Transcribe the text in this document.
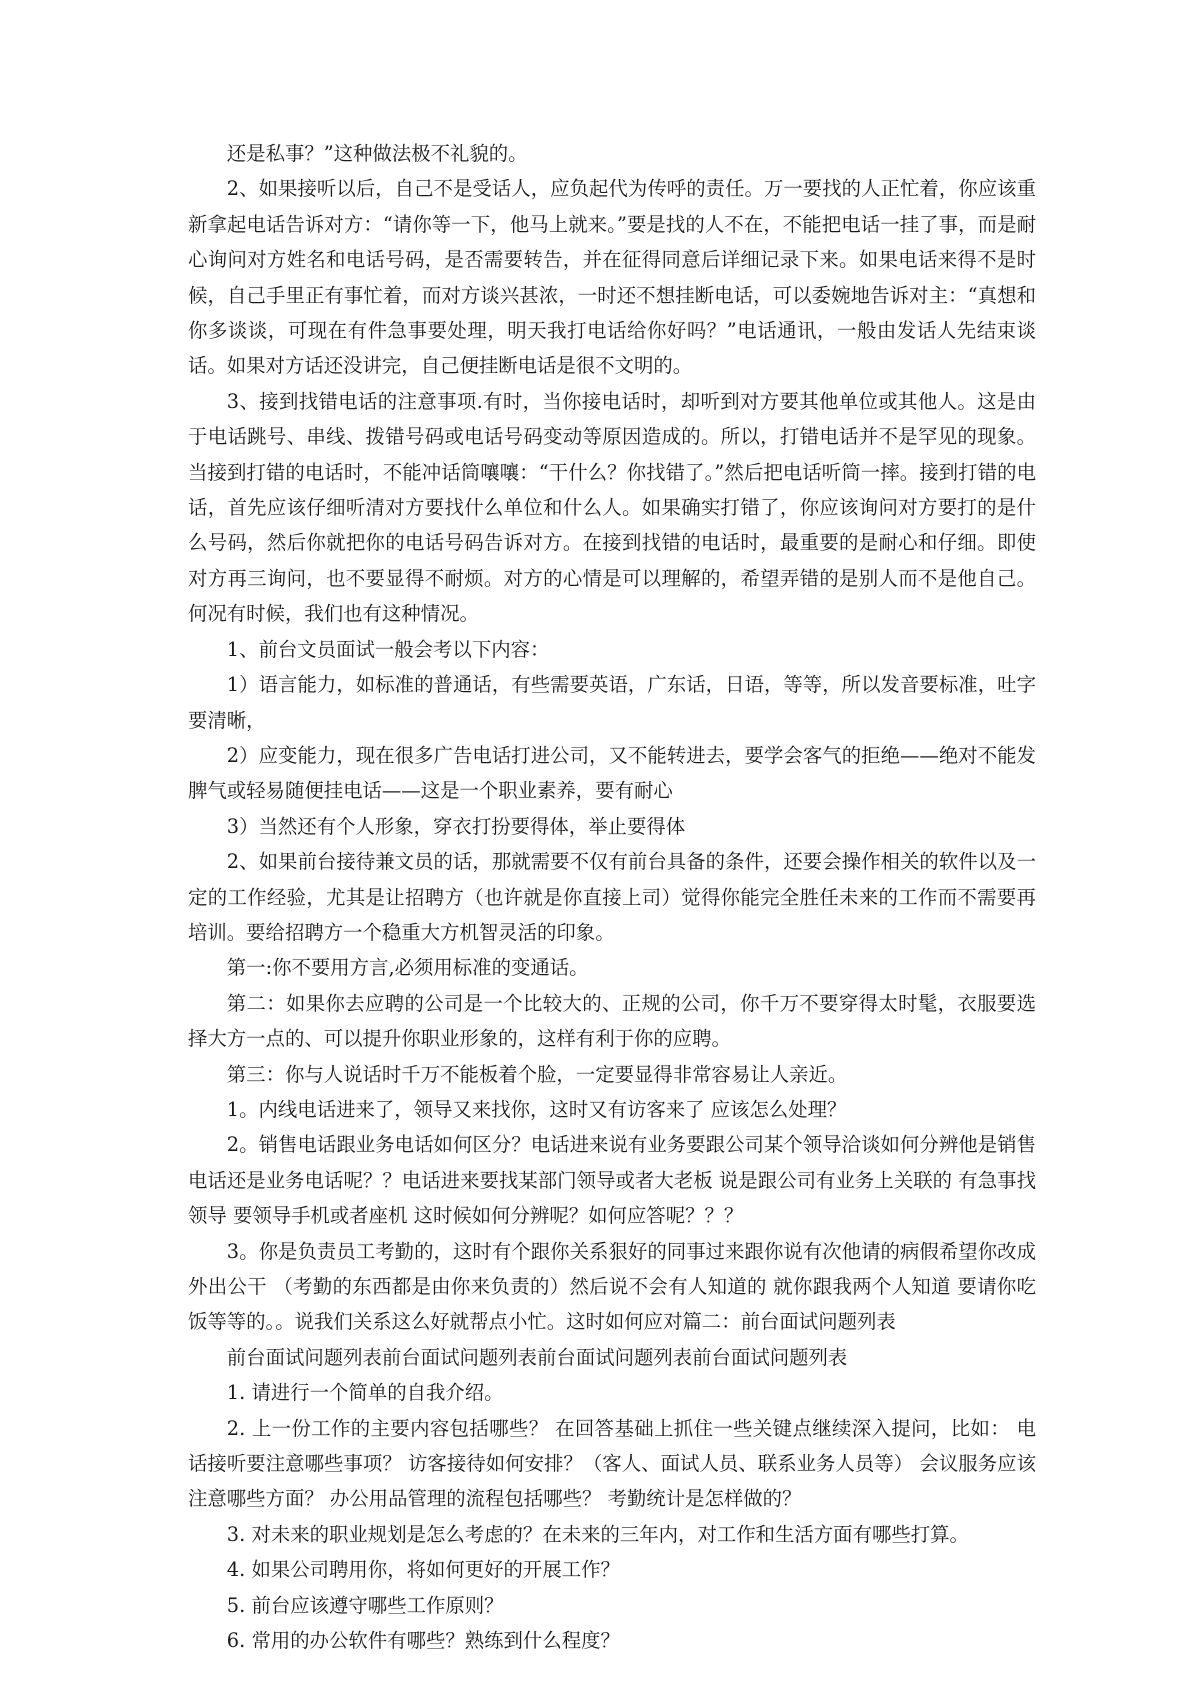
还是私事？”这种做法极不礼貌的。

2、如果接听以后，自己不是受话人，应负起代为传呼的责任。万一要找的人正忙着，你应该重新拿起电话告诉对方：“请你等一下，他马上就来。”要是找的人不在，不能把电话一挂了事，而是耐心询问对方姓名和电话号码，是否需要转告，并在征得同意后详细记录下来。如果电话来得不是时候，自己手里正有事忙着，而对方谈兴甚浓，一时还不想挂断电话，可以委婉地告诉对主：“真想和你多谈谈，可现在有件急事要处理，明天我打电话给你好吗？”电话通讯，一般由发话人先结束谈话。如果对方话还没讲完，自己便挂断电话是很不文明的。

3、接到找错电话的注意事项.有时，当你接电话时，却听到对方要其他单位或其他人。这是由于电话跳号、串线、拨错号码或电话号码变动等原因造成的。所以，打错电话并不是罕见的现象。当接到打错的电话时，不能冲话筒嚷嚷：“干什么？你找错了。”然后把电话听筒一摔。接到打错的电话，首先应该仔细听清对方要找什么单位和什么人。如果确实打错了，你应该询问对方要打的是什么号码，然后你就把你的电话号码告诉对方。在接到找错的电话时，最重要的是耐心和仔细。即使对方再三询问，也不要显得不耐烦。对方的心情是可以理解的，希望弄错的是别人而不是他自己。何况有时候，我们也有这种情况。

1、前台文员面试一般会考以下内容：

1）语言能力，如标准的普通话，有些需要英语，广东话，日语，等等，所以发音要标准，吐字要清晰，

2）应变能力，现在很多广告电话打进公司，又不能转进去，要学会客气的拒绝——绝对不能发脾气或轻易随便挂电话——这是一个职业素养，要有耐心

3）当然还有个人形象，穿衣打扮要得体，举止要得体

2、如果前台接待兼文员的话，那就需要不仅有前台具备的条件，还要会操作相关的软件以及一定的工作经验，尤其是让招聘方（也许就是你直接上司）觉得你能完全胜任未来的工作而不需要再培训。要给招聘方一个稳重大方机智灵活的印象。

第一:你不要用方言,必须用标准的变通话。

第二：如果你去应聘的公司是一个比较大的、正规的公司，你千万不要穿得太时髦，衣服要选择大方一点的、可以提升你职业形象的，这样有利于你的应聘。

第三：你与人说话时千万不能板着个脸，一定要显得非常容易让人亲近。

1。内线电话进来了，领导又来找你，这时又有访客来了 应该怎么处理？

2。销售电话跟业务电话如何区分？电话进来说有业务要跟公司某个领导洽谈如何分辨他是销售电话还是业务电话呢？？电话进来要找某部门领导或者大老板 说是跟公司有业务上关联的 有急事找领导 要领导手机或者座机 这时候如何分辨呢？如何应答呢？？？

3。你是负责员工考勤的，这时有个跟你关系狠好的同事过来跟你说有次他请的病假希望你改成外出公干 （考勤的东西都是由你来负责的）然后说不会有人知道的 就你跟我两个人知道 要请你吃饭等等的。。说我们关系这么好就帮点小忙。这时如何应对篇二：前台面试问题列表

前台面试问题列表前台面试问题列表前台面试问题列表前台面试问题列表

1. 请进行一个简单的自我介绍。

2. 上一份工作的主要内容包括哪些？ 在回答基础上抓住一些关键点继续深入提问，比如： 电话接听要注意哪些事项？ 访客接待如何安排？（客人、面试人员、联系业务人员等） 会议服务应该注意哪些方面？ 办公用品管理的流程包括哪些？ 考勤统计是怎样做的？

3. 对未来的职业规划是怎么考虑的？在未来的三年内，对工作和生活方面有哪些打算。

4. 如果公司聘用你，将如何更好的开展工作？

5. 前台应该遵守哪些工作原则？

6. 常用的办公软件有哪些？熟练到什么程度？
